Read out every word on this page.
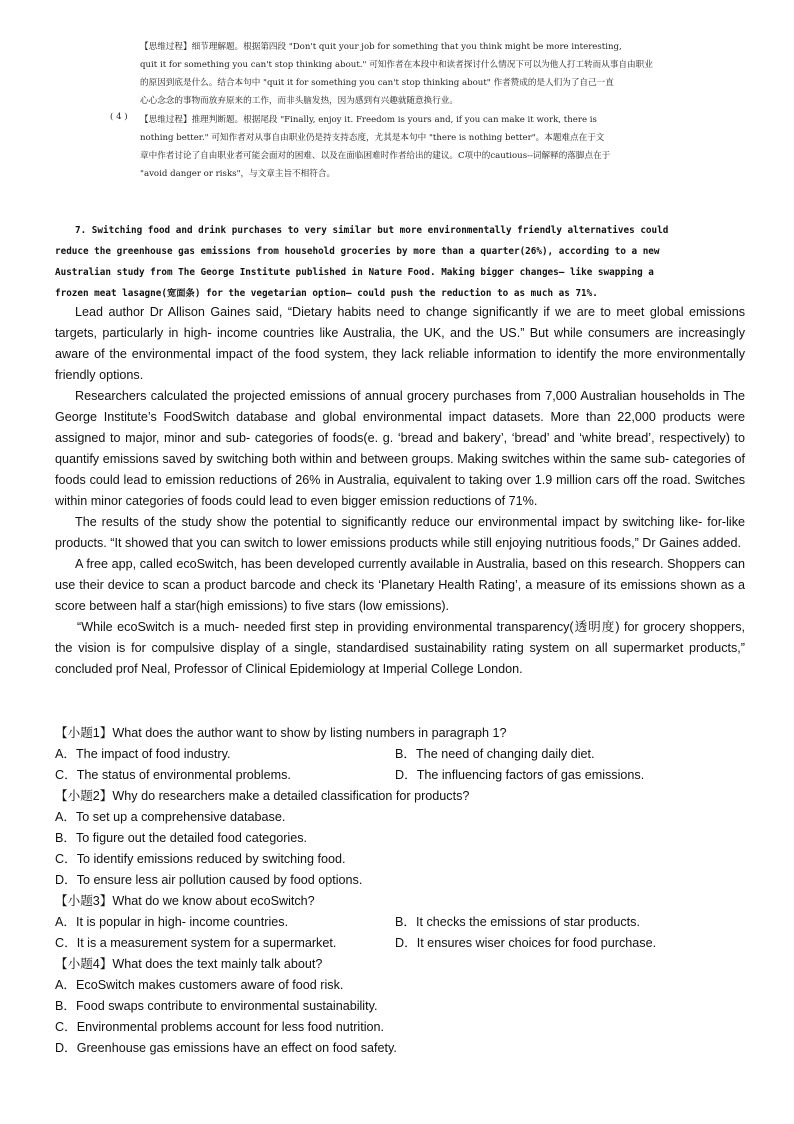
【思维过程】细节理解题。根据第四段 "Don't quit your job for something that you think might be more interesting,

quit it for something you can't stop thinking about." 可知作者在本段中和读者探讨什么情况下可以为他人打工转而从事自由职业

的原因到底是什么。结合本句中 "quit it for something you can't stop thinking about" 作者赞成的是人们为了自己一直

心心念念的事物而放弃原来的工作，而非头脑发热，因为感到有兴趣就随意换行业。

( 4 ) 【思维过程】推理判断题。根据尾段 "Finally, enjoy it. Freedom is yours and, if you can make it work, there is

nothing better." 可知作者对从事自由职业仍是持支持态度，尤其是本句中 "there is nothing better"。本题难点在于文

章中作者讨论了自由职业者可能会面对的困难、以及在面临困难时作者给出的建议。C项中的cautious--词解释的落脚点在于

"avoid danger or risks"，与文章主旨不相符合。

7. Switching food and drink purchases to very similar but more environmentally friendly alternatives could

reduce the greenhouse gas emissions from household groceries by more than a quarter(26%), according to a new

Australian study from The George Institute published in Nature Food. Making bigger changes— like swapping a

frozen meat lasagne(宽面条) for the vegetarian option— could push the reduction to as much as 71%.

Lead author Dr Allison Gaines said, “Dietary habits need to change significantly if we are to meet global emissions targets, particularly in high- income countries like Australia, the UK, and the US.” But while consumers are increasingly aware of the environmental impact of the food system, they lack reliable information to identify the more environmentally friendly options.

Researchers calculated the projected emissions of annual grocery purchases from 7,000 Australian households in The George Institute’s FoodSwitch database and global environmental impact datasets. More than 22,000 products were assigned to major, minor and sub- categories of foods(e. g. ‘bread and bakery’, ‘bread’ and ‘white bread’, respectively) to quantify emissions saved by switching both within and between groups. Making switches within the same sub- categories of foods could lead to emission reductions of 26% in Australia, equivalent to taking over 1.9 million cars off the road. Switches within minor categories of foods could lead to even bigger emission reductions of 71%.

The results of the study show the potential to significantly reduce our environmental impact by switching like- for-like products. “It showed that you can switch to lower emissions products while still enjoying nutritious foods,” Dr Gaines added.

A free app, called ecoSwitch, has been developed currently available in Australia, based on this research. Shoppers can use their device to scan a product barcode and check its ‘Planetary Health Rating’, a measure of its emissions shown as a score between half a star(high emissions) to five stars (low emissions).

“While ecoSwitch is a much- needed first step in providing environmental transparency(透明度) for grocery shoppers, the vision is for compulsive display of a single, standardised sustainability rating system on all supermarket products,” concluded prof Neal, Professor of Clinical Epidemiology at Imperial College London.

【小题1】What does the author want to show by listing numbers in paragraph 1?

A．The impact of food industry.	B．The need of changing daily diet.

C．The status of environmental problems.	D．The influencing factors of gas emissions.

【小题2】Why do researchers make a detailed classification for products?

A．To set up a comprehensive database.

B．To figure out the detailed food categories.

C．To identify emissions reduced by switching food.

D．To ensure less air pollution caused by food options.

【小题3】What do we know about ecoSwitch?

A．It is popular in high- income countries.	B．It checks the emissions of star products.

C．It is a measurement system for a supermarket.	D．It ensures wiser choices for food purchase.

【小题4】What does the text mainly talk about?

A．EcoSwitch makes customers aware of food risk.

B．Food swaps contribute to environmental sustainability.

C．Environmental problems account for less food nutrition.

D．Greenhouse gas emissions have an effect on food safety.
